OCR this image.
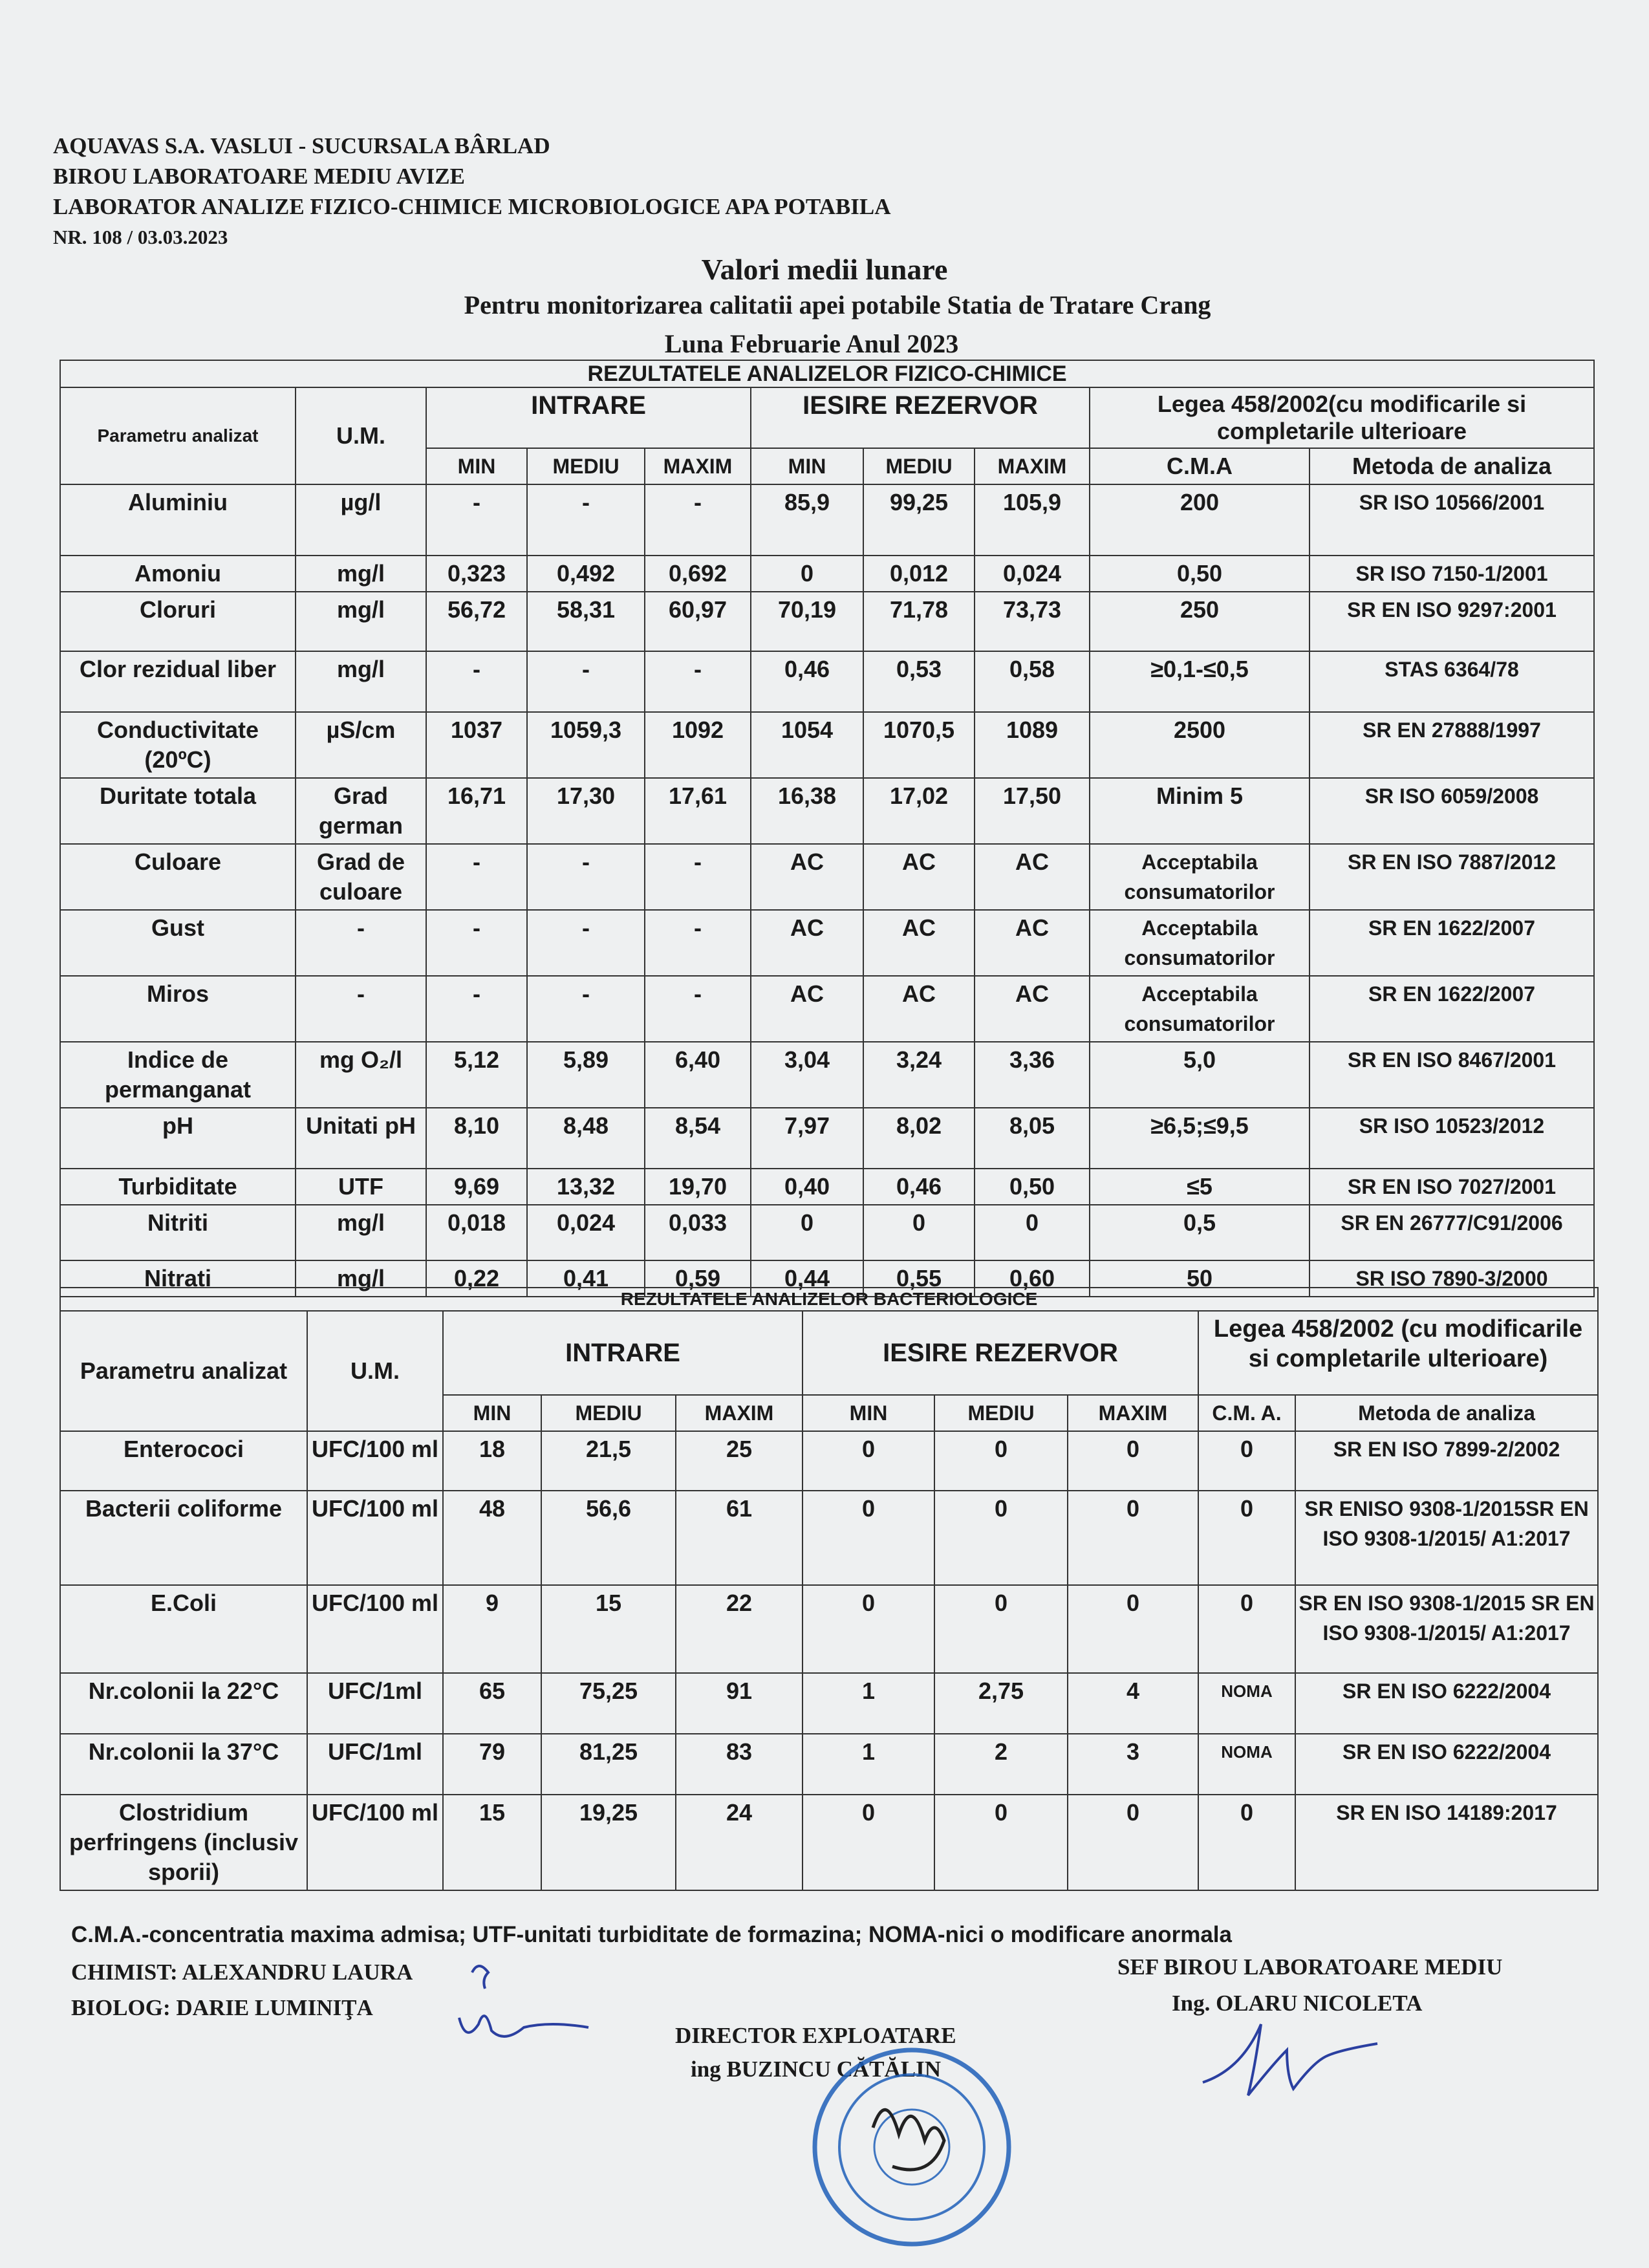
AQUAVAS S.A. VASLUI - SUCURSALA BÂRLAD
BIROU LABORATOARE MEDIU AVIZE
LABORATOR ANALIZE FIZICO-CHIMICE MICROBIOLOGICE APA POTABILA
NR. 108 / 03.03.2023
Valori medii lunare
Pentru monitorizarea calitatii apei potabile Statia de Tratare Crang
Luna Februarie Anul 2023
REZULTATELE ANALIZELOR FIZICO-CHIMICE									
Parametru analizat	U.M.	INTRARE			IESIRE REZERVOR			Legea 458/2002(cu modificarile si completarile ulterioare	
		MIN	MEDIU	MAXIM	MIN	MEDIU	MAXIM	C.M.A	Metoda de analiza
Aluminiu	µg/l	-	-	-	85,9	99,25	105,9	200	SR ISO 10566/2001
Amoniu	mg/l	0,323	0,492	0,692	0	0,012	0,024	0,50	SR ISO 7150-1/2001
Cloruri	mg/l	56,72	58,31	60,97	70,19	71,78	73,73	250	SR EN ISO 9297:2001
Clor rezidual liber	mg/l	-	-	-	0,46	0,53	0,58	≥0,1-≤0,5	STAS 6364/78
Conductivitate (20ºC)	µS/cm	1037	1059,3	1092	1054	1070,5	1089	2500	SR EN 27888/1997
Duritate totala	Grad german	16,71	17,30	17,61	16,38	17,02	17,50	Minim 5	SR ISO 6059/2008
Culoare	Grad de culoare	-	-	-	AC	AC	AC	Acceptabila consumatorilor	SR EN ISO 7887/2012
Gust	-	-	-	-	AC	AC	AC	Acceptabila consumatorilor	SR EN 1622/2007
Miros	-	-	-	-	AC	AC	AC	Acceptabila consumatorilor	SR EN 1622/2007
Indice de permanganat	mg O₂/l	5,12	5,89	6,40	3,04	3,24	3,36	5,0	SR EN ISO 8467/2001
pH	Unitati pH	8,10	8,48	8,54	7,97	8,02	8,05	≥6,5;≤9,5	SR ISO 10523/2012
Turbiditate	UTF	9,69	13,32	19,70	0,40	0,46	0,50	≤5	SR EN ISO 7027/2001
Nitriti	mg/l	0,018	0,024	0,033	0	0	0	0,5	SR EN 26777/C91/2006
Nitrati	mg/l	0,22	0,41	0,59	0,44	0,55	0,60	50	SR ISO 7890-3/2000
REZULTATELE ANALIZELOR BACTERIOLOGICE									
Parametru analizat	U.M.	INTRARE			IESIRE REZERVOR			Legea 458/2002 (cu modificarile si completarile ulterioare)	
		MIN	MEDIU	MAXIM	MIN	MEDIU	MAXIM	C.M. A.	Metoda de analiza
Enterococi	UFC/100 ml	18	21,5	25	0	0	0	0	SR EN ISO 7899-2/2002
Bacterii coliforme	UFC/100 ml	48	56,6	61	0	0	0	0	SR ENISO 9308-1/2015SR EN ISO 9308-1/2015/ A1:2017
E.Coli	UFC/100 ml	9	15	22	0	0	0	0	SR EN ISO 9308-1/2015 SR EN ISO 9308-1/2015/ A1:2017
Nr.colonii la 22°C	UFC/1ml	65	75,25	91	1	2,75	4	NOMA	SR EN ISO 6222/2004
Nr.colonii la 37°C	UFC/1ml	79	81,25	83	1	2	3	NOMA	SR EN ISO 6222/2004
Clostridium perfringens (inclusiv sporii)	UFC/100 ml	15	19,25	24	0	0	0	0	SR EN ISO 14189:2017
C.M.A.-concentratia maxima admisa; UTF-unitati turbiditate de formazina; NOMA-nici o modificare anormala
CHIMIST: ALEXANDRU LAURA
BIOLOG: DARIE LUMINIŢA
SEF BIROU LABORATOARE MEDIU
Ing. OLARU NICOLETA
DIRECTOR EXPLOATARE
ing BUZINCU CĂTĂLIN
